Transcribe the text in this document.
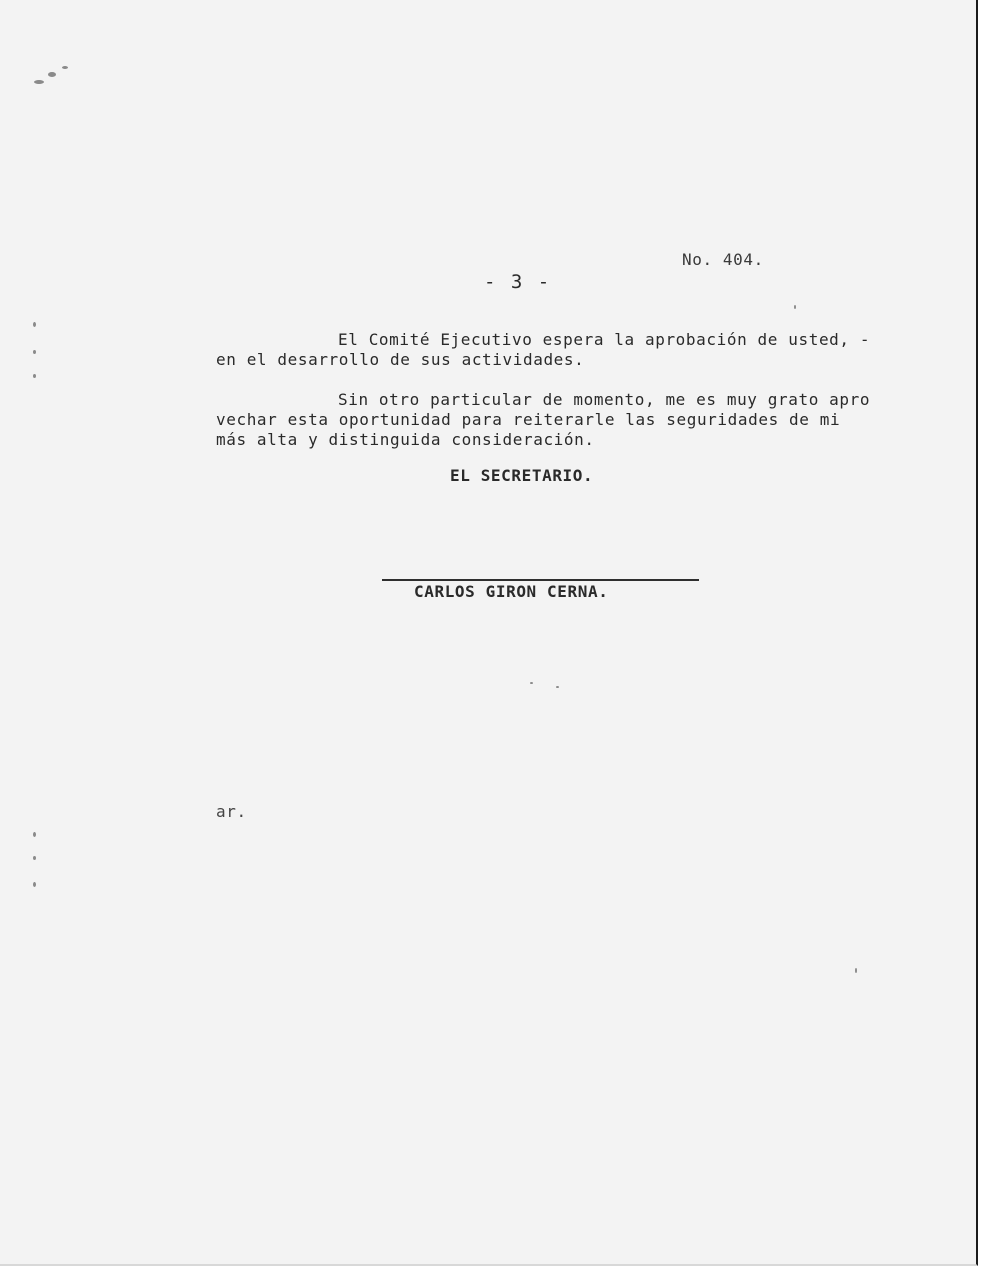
No. 404.
- 3 -
El Comité Ejecutivo espera la aprobación de usted, -
en el desarrollo de sus actividades.
Sin otro particular de momento, me es muy grato apro
vechar esta oportunidad para reiterarle las seguridades de mi
más alta y distinguida consideración.
EL SECRETARIO.
CARLOS GIRON CERNA.
ar.
